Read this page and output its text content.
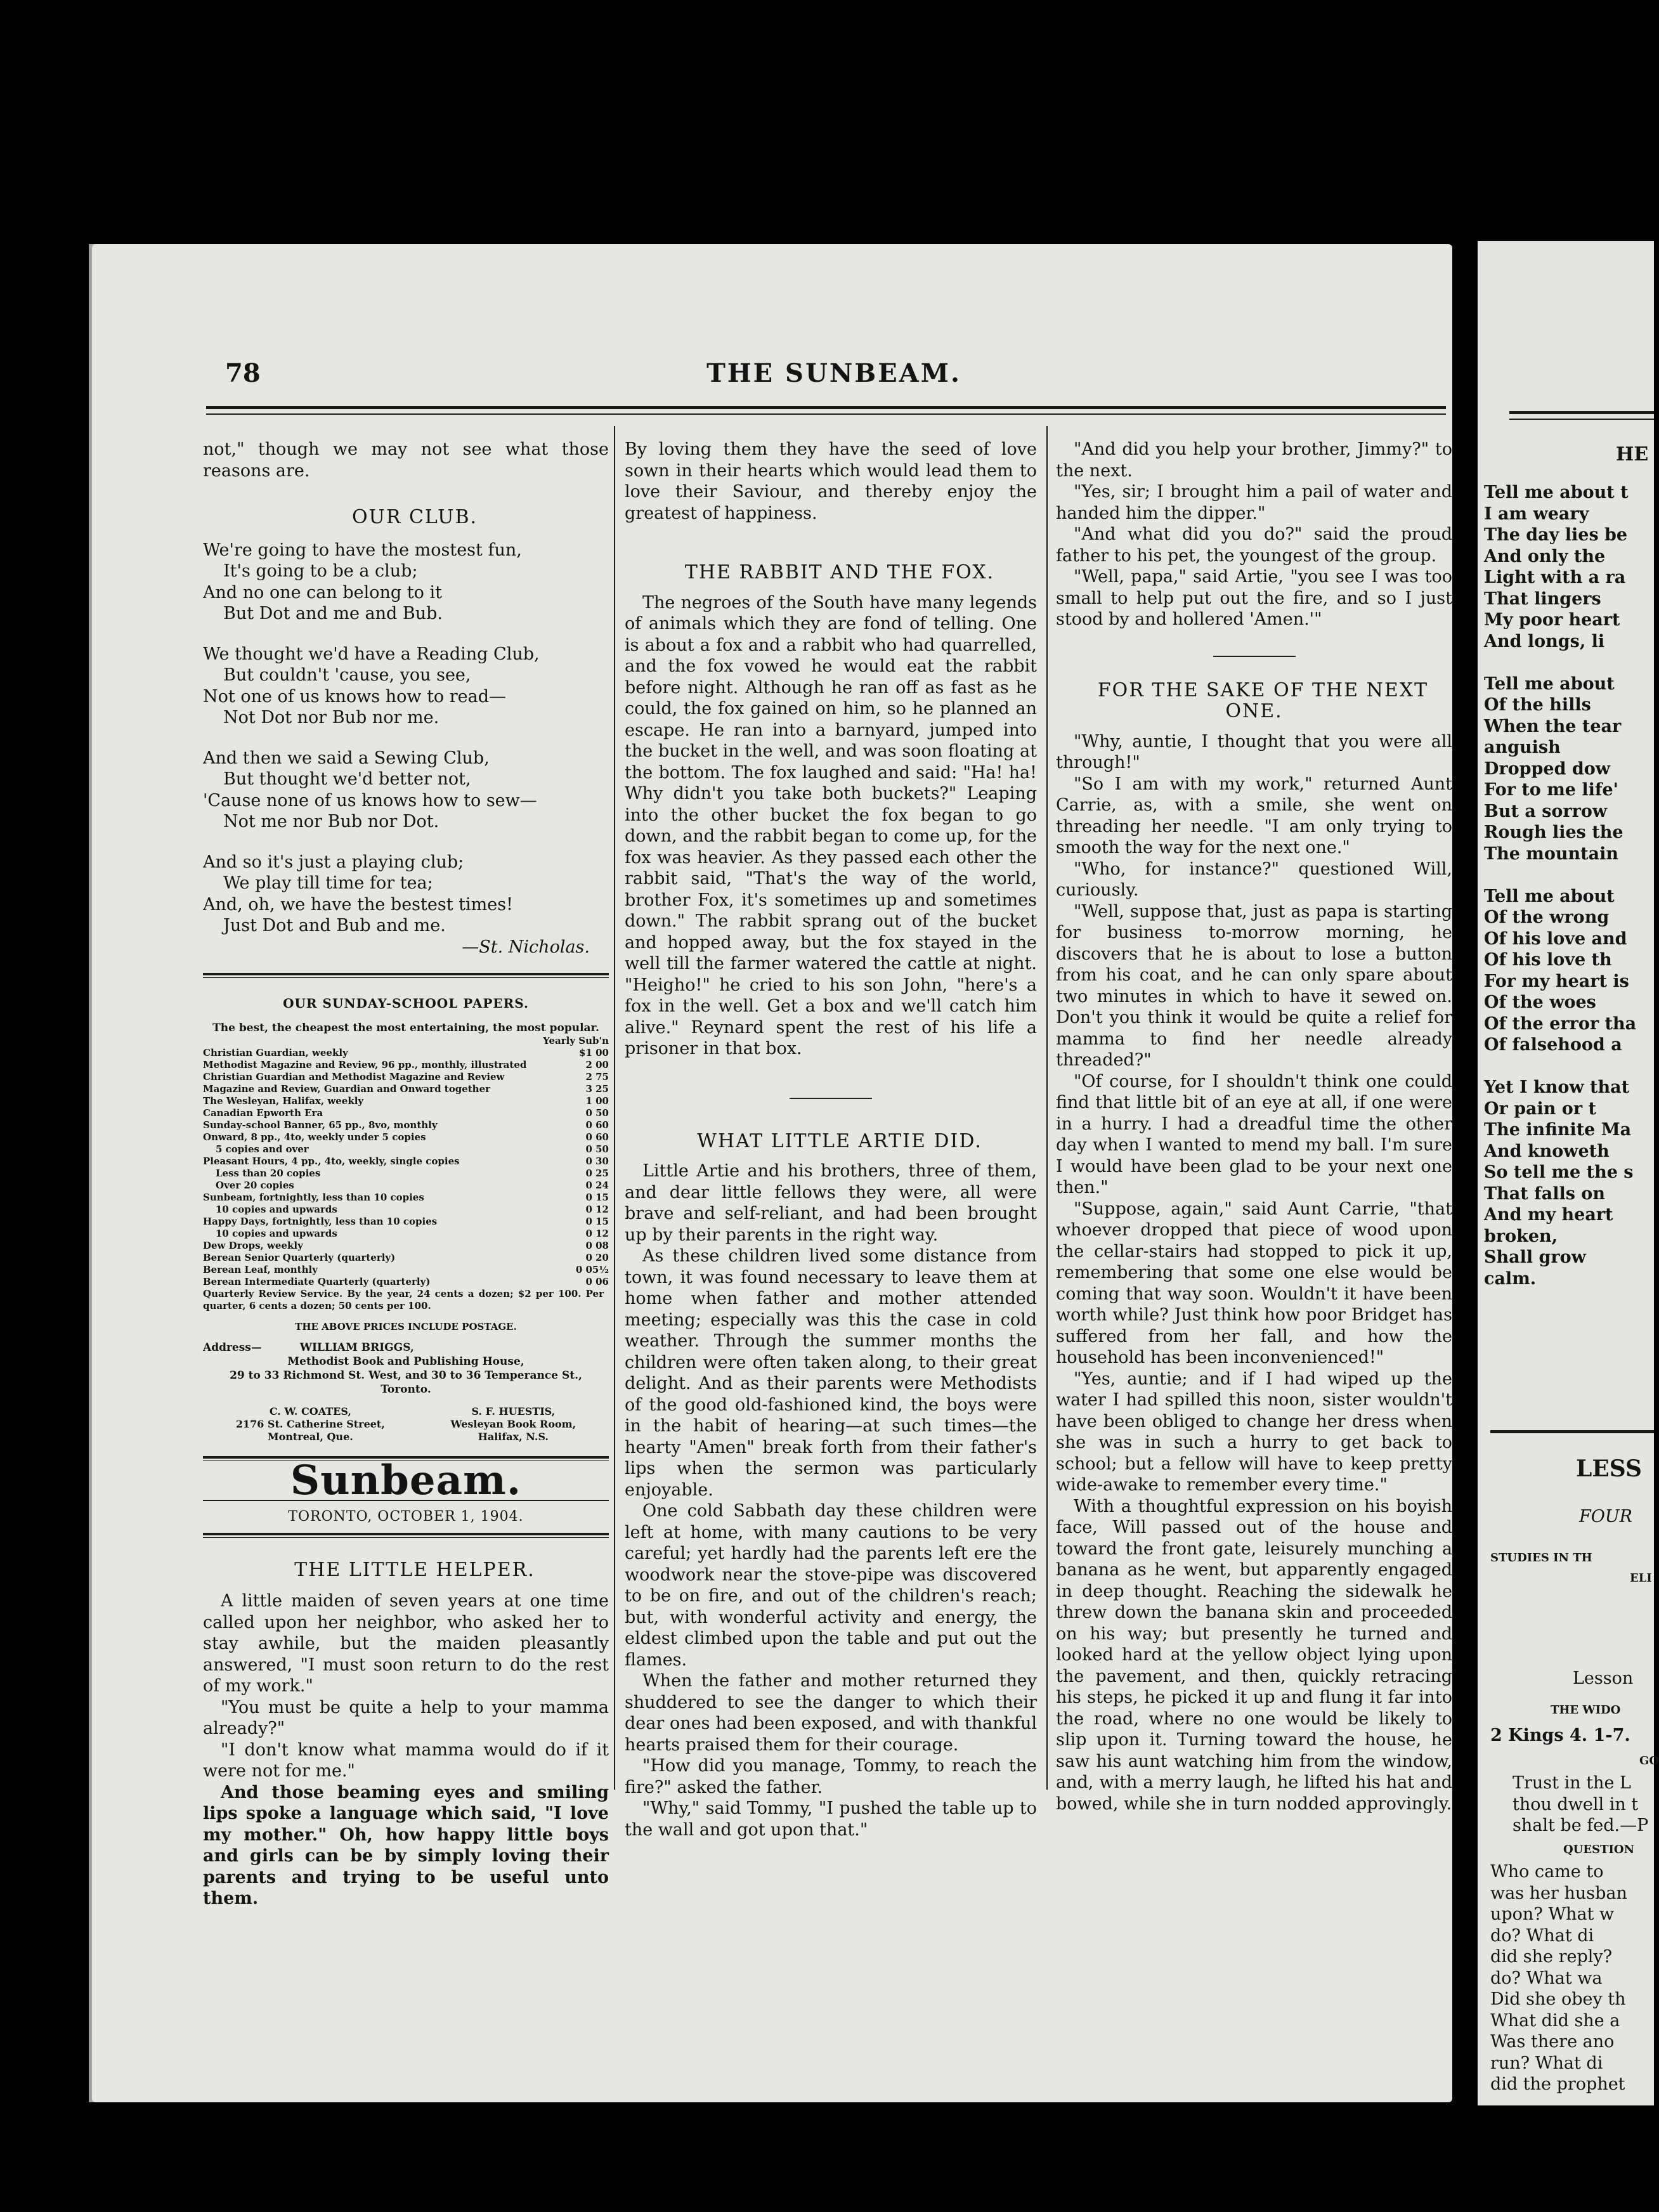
78	THE SUNBEAM.

not," though we may not see what those reasons are.

OUR CLUB.

We're going to have the mostest fun,
It's going to be a club;
And no one can belong to it
But Dot and me and Bub.
We thought we'd have a Reading Club,
But couldn't 'cause, you see,
Not one of us knows how to read—
Not Dot nor Bub nor me.
And then we said a Sewing Club,
But thought we'd better not,
'Cause none of us knows how to sew—
Not me nor Bub nor Dot.
And so it's just a playing club;
We play till time for tea;
And, oh, we have the bestest times!
Just Dot and Bub and me.
—St. Nicholas.
OUR SUNDAY-SCHOOL PAPERS.
The best, the cheapest the most entertaining, the most popular.
Yearly Sub'n
Christian Guardian, weekly	$1 00
Methodist Magazine and Review, 96 pp., monthly, illustrated	2 00
Christian Guardian and Methodist Magazine and Review	2 75
Magazine and Review, Guardian and Onward together	3 25
The Wesleyan, Halifax, weekly	1 00
Canadian Epworth Era	0 50
Sunday-school Banner, 65 pp., 8vo, monthly	0 60
Onward, 8 pp., 4to, weekly under 5 copies	0 60
5 copies and over	0 50
Pleasant Hours, 4 pp., 4to, weekly, single copies	0 30
Less than 20 copies	0 25
Over 20 copies	0 24
Sunbeam, fortnightly, less than 10 copies	0 15
10 copies and upwards	0 12
Happy Days, fortnightly, less than 10 copies	0 15
10 copies and upwards	0 12
Dew Drops, weekly	0 08
Berean Senior Quarterly (quarterly)	0 20
Berean Leaf, monthly	0 05½
Berean Intermediate Quarterly (quarterly)	0 06
Quarterly Review Service. By the year, 24 cents a dozen; $2 per 100. Per quarter, 6 cents a dozen; 50 cents per 100.
THE ABOVE PRICES INCLUDE POSTAGE.
Address—	WILLIAM BRIGGS,
Methodist Book and Publishing House,
29 to 33 Richmond St. West, and 30 to 36 Temperance St.,
Toronto.
C. W. COATES,
2176 St. Catherine Street,
Montreal, Que.
S. F. HUESTIS,
Wesleyan Book Room,
Halifax, N.S.
Sunbeam.
TORONTO, OCTOBER 1, 1904.

THE LITTLE HELPER.

A little maiden of seven years at one time called upon her neighbor, who asked her to stay awhile, but the maiden pleasantly answered, "I must soon return to do the rest of my work."

"You must be quite a help to your mamma already?"

"I don't know what mamma would do if it were not for me."

And those beaming eyes and smiling lips spoke a language which said, "I love my mother." Oh, how happy little boys and girls can be by simply loving their parents and trying to be useful unto them.

By loving them they have the seed of love sown in their hearts which would lead them to love their Saviour, and thereby enjoy the greatest of happiness.

THE RABBIT AND THE FOX.

The negroes of the South have many legends of animals which they are fond of telling. One is about a fox and a rabbit who had quarrelled, and the fox vowed he would eat the rabbit before night. Although he ran off as fast as he could, the fox gained on him, so he planned an escape. He ran into a barnyard, jumped into the bucket in the well, and was soon floating at the bottom. The fox laughed and said: "Ha! ha! Why didn't you take both buckets?" Leaping into the other bucket the fox began to go down, and the rabbit began to come up, for the fox was heavier. As they passed each other the rabbit said, "That's the way of the world, brother Fox, it's sometimes up and sometimes down." The rabbit sprang out of the bucket and hopped away, but the fox stayed in the well till the farmer watered the cattle at night. "Heigho!" he cried to his son John, "here's a fox in the well. Get a box and we'll catch him alive." Reynard spent the rest of his life a prisoner in that box.

WHAT LITTLE ARTIE DID.

Little Artie and his brothers, three of them, and dear little fellows they were, all were brave and self-reliant, and had been brought up by their parents in the right way.

As these children lived some distance from town, it was found necessary to leave them at home when father and mother attended meeting; especially was this the case in cold weather. Through the summer months the children were often taken along, to their great delight. And as their parents were Methodists of the good old-fashioned kind, the boys were in the habit of hearing—at such times—the hearty "Amen" break forth from their father's lips when the sermon was particularly enjoyable.

One cold Sabbath day these children were left at home, with many cautions to be very careful; yet hardly had the parents left ere the woodwork near the stove-pipe was discovered to be on fire, and out of the children's reach; but, with wonderful activity and energy, the eldest climbed upon the table and put out the flames.

When the father and mother returned they shuddered to see the danger to which their dear ones had been exposed, and with thankful hearts praised them for their courage.

"How did you manage, Tommy, to reach the fire?" asked the father.

"Why," said Tommy, "I pushed the table up to the wall and got upon that."

"And did you help your brother, Jimmy?" to the next.

"Yes, sir; I brought him a pail of water and handed him the dipper."

"And what did you do?" said the proud father to his pet, the youngest of the group.

"Well, papa," said Artie, "you see I was too small to help put out the fire, and so I just stood by and hollered 'Amen.'"

FOR THE SAKE OF THE NEXT ONE.

"Why, auntie, I thought that you were all through!"

"So I am with my work," returned Aunt Carrie, as, with a smile, she went on threading her needle. "I am only trying to smooth the way for the next one."

"Who, for instance?" questioned Will, curiously.

"Well, suppose that, just as papa is starting for business to-morrow morning, he discovers that he is about to lose a button from his coat, and he can only spare about two minutes in which to have it sewed on. Don't you think it would be quite a relief for mamma to find her needle already threaded?"

"Of course, for I shouldn't think one could find that little bit of an eye at all, if one were in a hurry. I had a dreadful time the other day when I wanted to mend my ball. I'm sure I would have been glad to be your next one then."

"Suppose, again," said Aunt Carrie, "that whoever dropped that piece of wood upon the cellar-stairs had stopped to pick it up, remembering that some one else would be coming that way soon. Wouldn't it have been worth while? Just think how poor Bridget has suffered from her fall, and how the household has been inconvenienced!"

"Yes, auntie; and if I had wiped up the water I had spilled this noon, sister wouldn't have been obliged to change her dress when she was in such a hurry to get back to school; but a fellow will have to keep pretty wide-awake to remember every time."

With a thoughtful expression on his boyish face, Will passed out of the house and toward the front gate, leisurely munching a banana as he went, but apparently engaged in deep thought. Reaching the sidewalk he threw down the banana skin and proceeded on his way; but presently he turned and looked hard at the yellow object lying upon the pavement, and then, quickly retracing his steps, he picked it up and flung it far into the road, where no one would be likely to slip upon it. Turning toward the house, he saw his aunt watching him from the window, and, with a merry laugh, he lifted his hat and bowed, while she in turn nodded approvingly.

HE
Tell me about t
I am weary
The day lies be
And only the
Light with a ra
That lingers
My poor heart
And longs, li

Tell me about
Of the hills
When the tear
anguish
Dropped dow
For to me life'
But a sorrow
Rough lies the
The mountain

Tell me about
Of the wrong
Of his love and
Of his love th
For my heart is
Of the woes
Of the error tha
Of falsehood a

Yet I know that
Or pain or t
The infinite Ma
And knoweth
So tell me the s
That falls on
And my heart
broken,
Shall grow
calm.
LESS
FOUR
STUDIES IN TH
ELI
Lesson
THE WIDO
2 Kings 4. 1-7.
GO
Trust in the L
thou dwell in t
shalt be fed.—P
QUESTION
Who came to
was her husban
upon? What w
do? What di
did she reply?
do? What wa
Did she obey th
What did she a
Was there ano
run? What di
did the prophet
